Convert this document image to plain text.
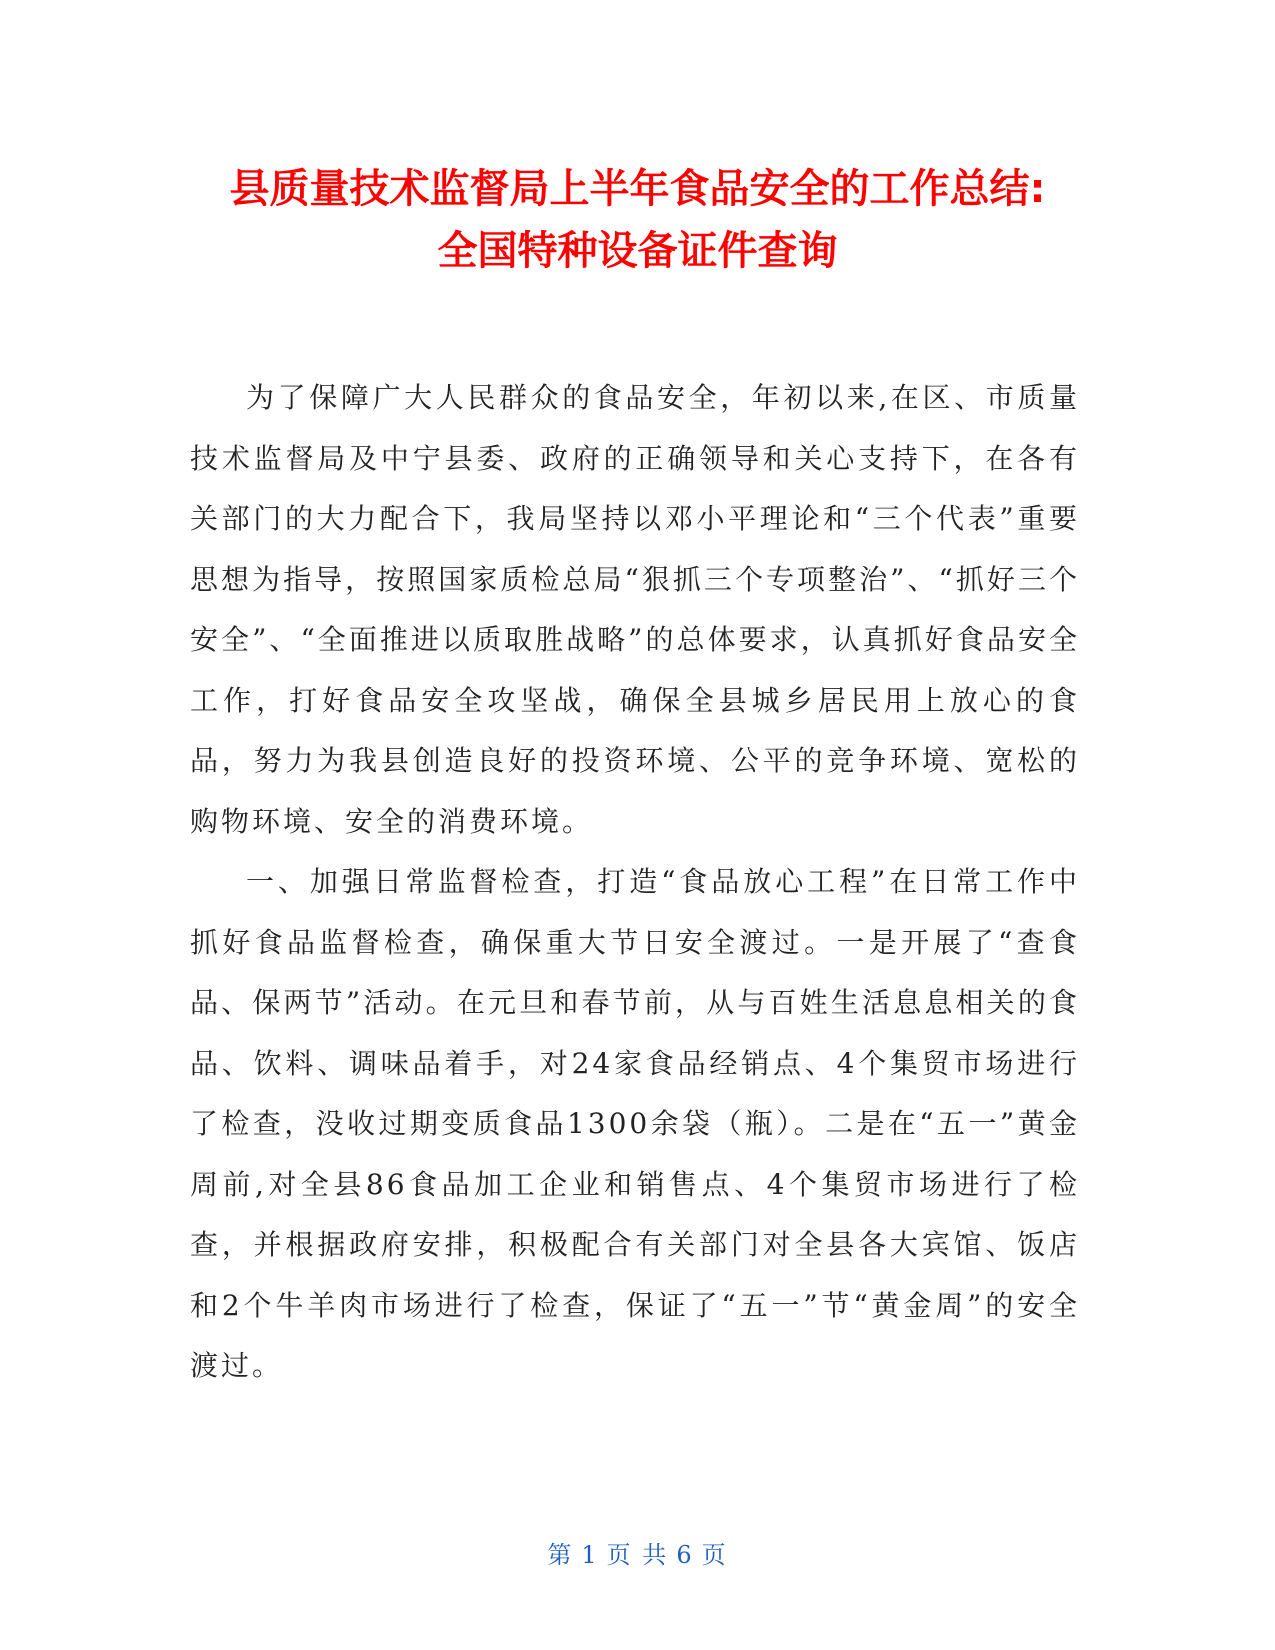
县质量技术监督局上半年食品安全的工作总结:
全国特种设备证件查询

为了保障广大人民群众的食品安全，年初以来,在区、市质量技术监督局及中宁县委、政府的正确领导和关心支持下，在各有关部门的大力配合下，我局坚持以邓小平理论和“三个代表”重要思想为指导，按照国家质检总局“狠抓三个专项整治”、“抓好三个安全”、“全面推进以质取胜战略”的总体要求，认真抓好食品安全工作，打好食品安全攻坚战，确保全县城乡居民用上放心的食品，努力为我县创造良好的投资环境、公平的竞争环境、宽松的购物环境、安全的消费环境。

一、加强日常监督检查，打造“食品放心工程”在日常工作中抓好食品监督检查，确保重大节日安全渡过。一是开展了“查食品、保两节”活动。在元旦和春节前，从与百姓生活息息相关的食品、饮料、调味品着手，对24家食品经销点、4个集贸市场进行了检查，没收过期变质食品1300余袋（瓶）。二是在“五一”黄金周前,对全县86食品加工企业和销售点、4个集贸市场进行了检查，并根据政府安排，积极配合有关部门对全县各大宾馆、饭店和2个牛羊肉市场进行了检查，保证了“五一”节“黄金周”的安全渡过。

第 1 页 共 6 页
